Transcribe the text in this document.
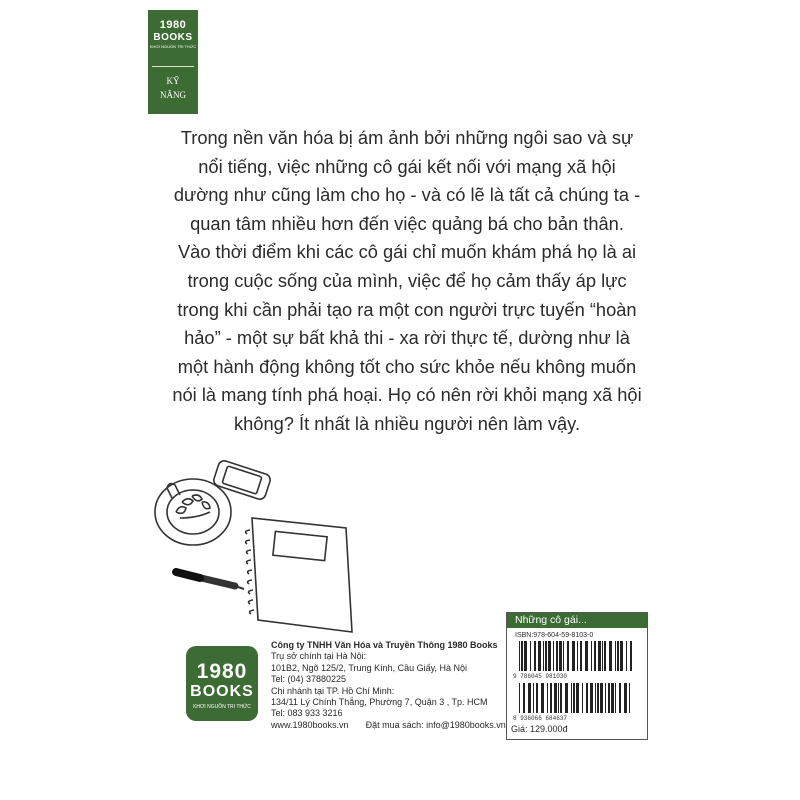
1980
BOOKS
KHƠI NGUỒN TRI THỨC
KỸ
NĂNG

Trong nền văn hóa bị ám ảnh bởi những ngôi sao và sự nổi tiếng, việc những cô gái kết nối với mạng xã hội dường như cũng làm cho họ - và có lẽ là tất cả chúng ta - quan tâm nhiều hơn đến việc quảng bá cho bản thân. Vào thời điểm khi các cô gái chỉ muốn khám phá họ là ai trong cuộc sống của mình, việc để họ cảm thấy áp lực trong khi cần phải tạo ra một con người trực tuyến “hoàn hảo” - một sự bất khả thi - xa rời thực tế, dường như là một hành động không tốt cho sức khỏe nếu không muốn nói là mang tính phá hoại. Họ có nên rời khỏi mạng xã hội không? Ít nhất là nhiều người nên làm vậy.

1980
BOOKS
KHƠI NGUỒN TRI THỨC
Công ty TNHH Văn Hóa và Truyền Thông 1980 Books
Trụ sở chính tại Hà Nội:
101B2, Ngõ 125/2, Trung Kính, Cầu Giấy, Hà Nội
Tel: (04) 37880225
Chi nhánh tại TP. Hồ Chí Minh:
134/11 Lý Chính Thắng, Phường 7, Quận 3 , Tp. HCM
Tel: 083 933 3216
www.1980books.vn Đặt mua sách: info@1980books.vn
Những cô gái...
ISBN:978-604-59-8103-0
9 786045 981030
8 936066 684637
Giá: 129.000đ
